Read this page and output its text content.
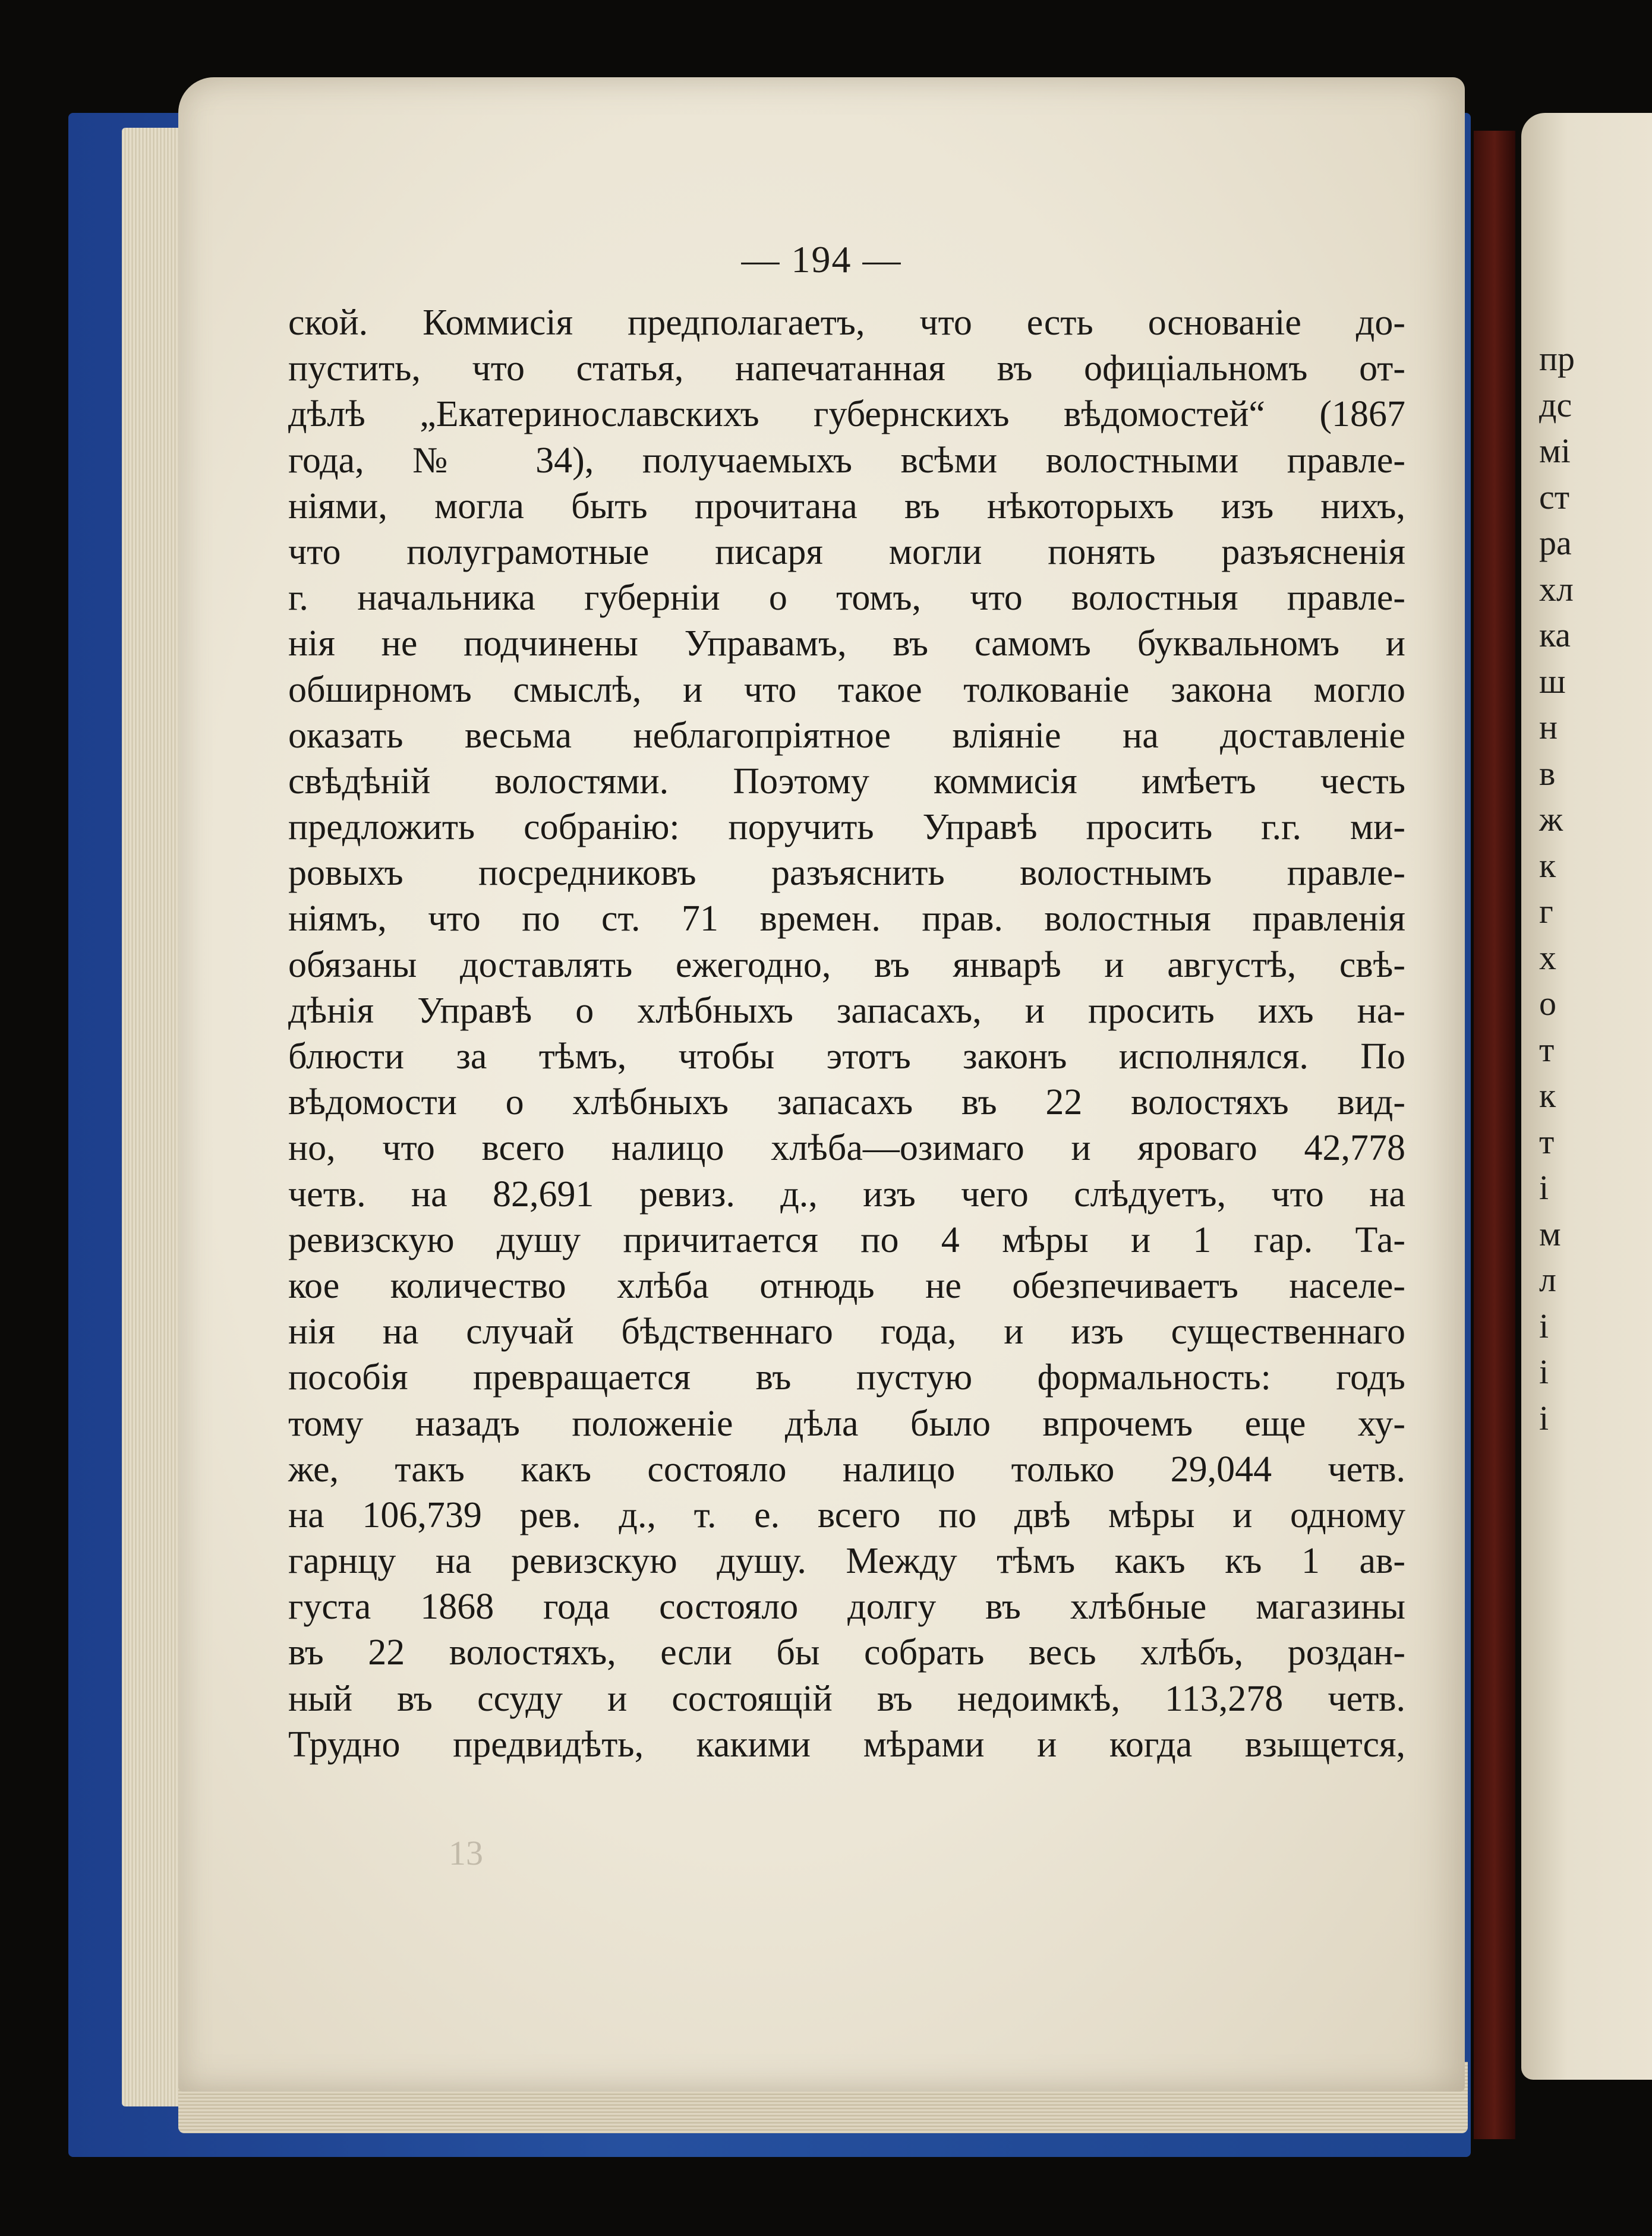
— 194 —
ской. Коммисія предполагаетъ, что есть основаніе до-
пустить, что статья, напечатанная въ офиціальномъ от-
дѣлѣ „Екатеринославскихъ губернскихъ вѣдомостей“ (1867
года, № 34), получаемыхъ всѣми волостными правле-
ніями, могла быть прочитана въ нѣкоторыхъ изъ нихъ,
что полуграмотные писаря могли понять разъясненія
г. начальника губерніи о томъ, что волостныя правле-
нія не подчинены Управамъ, въ самомъ буквальномъ и
обширномъ смыслѣ, и что такое толкованіе закона могло
оказать весьма неблагопріятное вліяніе на доставленіе
свѣдѣній волостями. Поэтому коммисія имѣетъ честь
предложить собранію: поручить Управѣ просить г.г. ми-
ровыхъ посредниковъ разъяснить волостнымъ правле-
ніямъ, что по ст. 71 времен. прав. волостныя правленія
обязаны доставлять ежегодно, въ январѣ и августѣ, свѣ-
дѣнія Управѣ о хлѣбныхъ запасахъ, и просить ихъ на-
блюсти за тѣмъ, чтобы этотъ законъ исполнялся. По
вѣдомости о хлѣбныхъ запасахъ въ 22 волостяхъ вид-
но, что всего налицо хлѣба—озимаго и яроваго 42,778
четв. на 82,691 ревиз. д., изъ чего слѣдуетъ, что на
ревизскую душу причитается по 4 мѣры и 1 гар. Та-
кое количество хлѣба отнюдь не обезпечиваетъ населе-
нія на случай бѣдственнаго года, и изъ существеннаго
пособія превращается въ пустую формальность: годъ
тому назадъ положеніе дѣла было впрочемъ еще ху-
же, такъ какъ состояло налицо только 29,044 четв.
на 106,739 рев. д., т. е. всего по двѣ мѣры и одному
гарнцу на ревизскую душу. Между тѣмъ какъ къ 1 ав-
густа 1868 года состояло долгу въ хлѣбные магазины
въ 22 волостяхъ, если бы собрать весь хлѣбъ, роздан-
ный въ ссуду и состоящій въ недоимкѣ, 113,278 четв.
Трудно предвидѣть, какими мѣрами и когда взыщется,
13
пр
дс
мі
ст
ра
хл
ка
ш
н
в
ж
к
г
х
о
т
к
т
і
м
л
і
і
і
